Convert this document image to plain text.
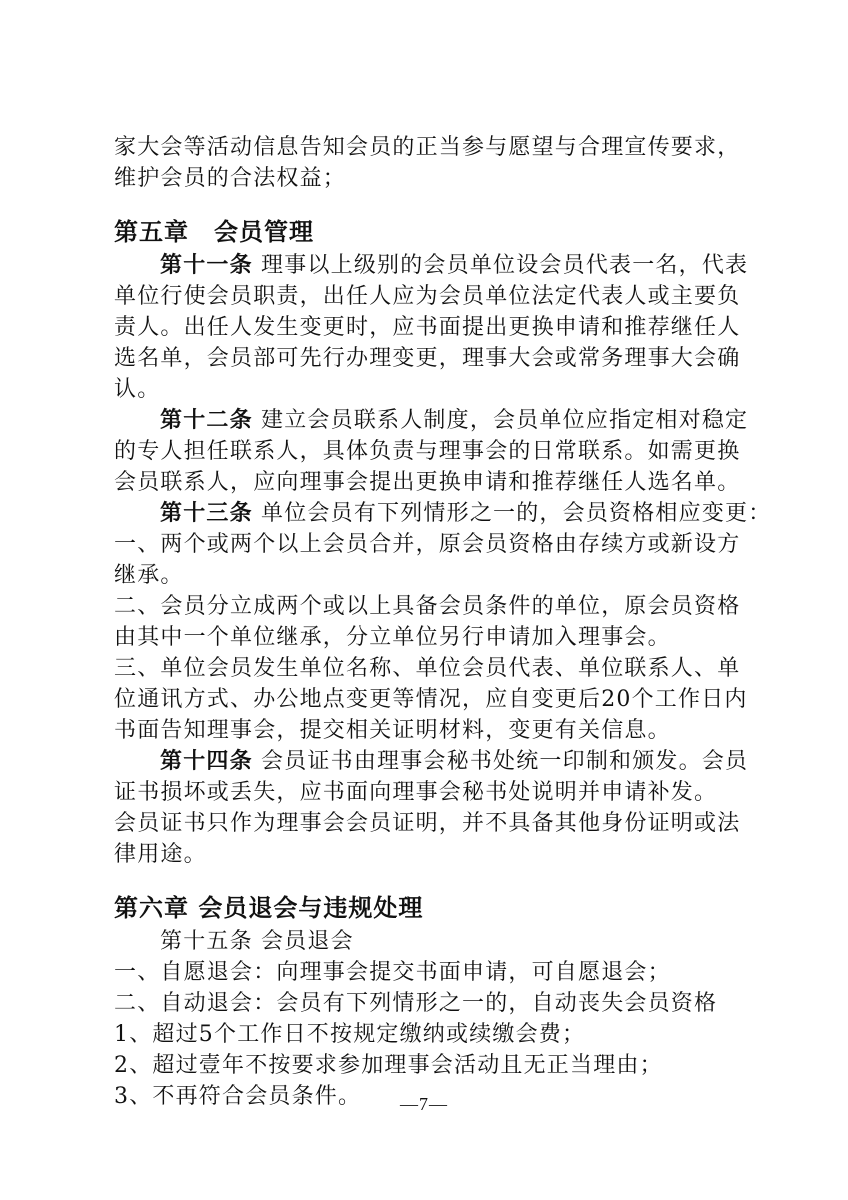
家大会等活动信息告知会员的正当参与愿望与合理宣传要求，

维护会员的合法权益；

第五章　会员管理

第十一条 理事以上级别的会员单位设会员代表一名，代表

单位行使会员职责，出任人应为会员单位法定代表人或主要负

责人。出任人发生变更时，应书面提出更换申请和推荐继任人

选名单，会员部可先行办理变更，理事大会或常务理事大会确

认。

第十二条 建立会员联系人制度，会员单位应指定相对稳定

的专人担任联系人，具体负责与理事会的日常联系。如需更换

会员联系人，应向理事会提出更换申请和推荐继任人选名单。

第十三条 单位会员有下列情形之一的，会员资格相应变更：

一、两个或两个以上会员合并，原会员资格由存续方或新设方

继承。

二、会员分立成两个或以上具备会员条件的单位，原会员资格

由其中一个单位继承，分立单位另行申请加入理事会。

三、单位会员发生单位名称、单位会员代表、单位联系人、单

位通讯方式、办公地点变更等情况，应自变更后20个工作日内

书面告知理事会，提交相关证明材料，变更有关信息。

第十四条 会员证书由理事会秘书处统一印制和颁发。会员

证书损坏或丢失，应书面向理事会秘书处说明并申请补发。

会员证书只作为理事会会员证明，并不具备其他身份证明或法

律用途。

第六章 会员退会与违规处理

第十五条 会员退会

一、自愿退会：向理事会提交书面申请，可自愿退会；

二、自动退会：会员有下列情形之一的，自动丧失会员资格

1、超过5个工作日不按规定缴纳或续缴会费；

2、超过壹年不按要求参加理事会活动且无正当理由；

3、不再符合会员条件。	—7—
